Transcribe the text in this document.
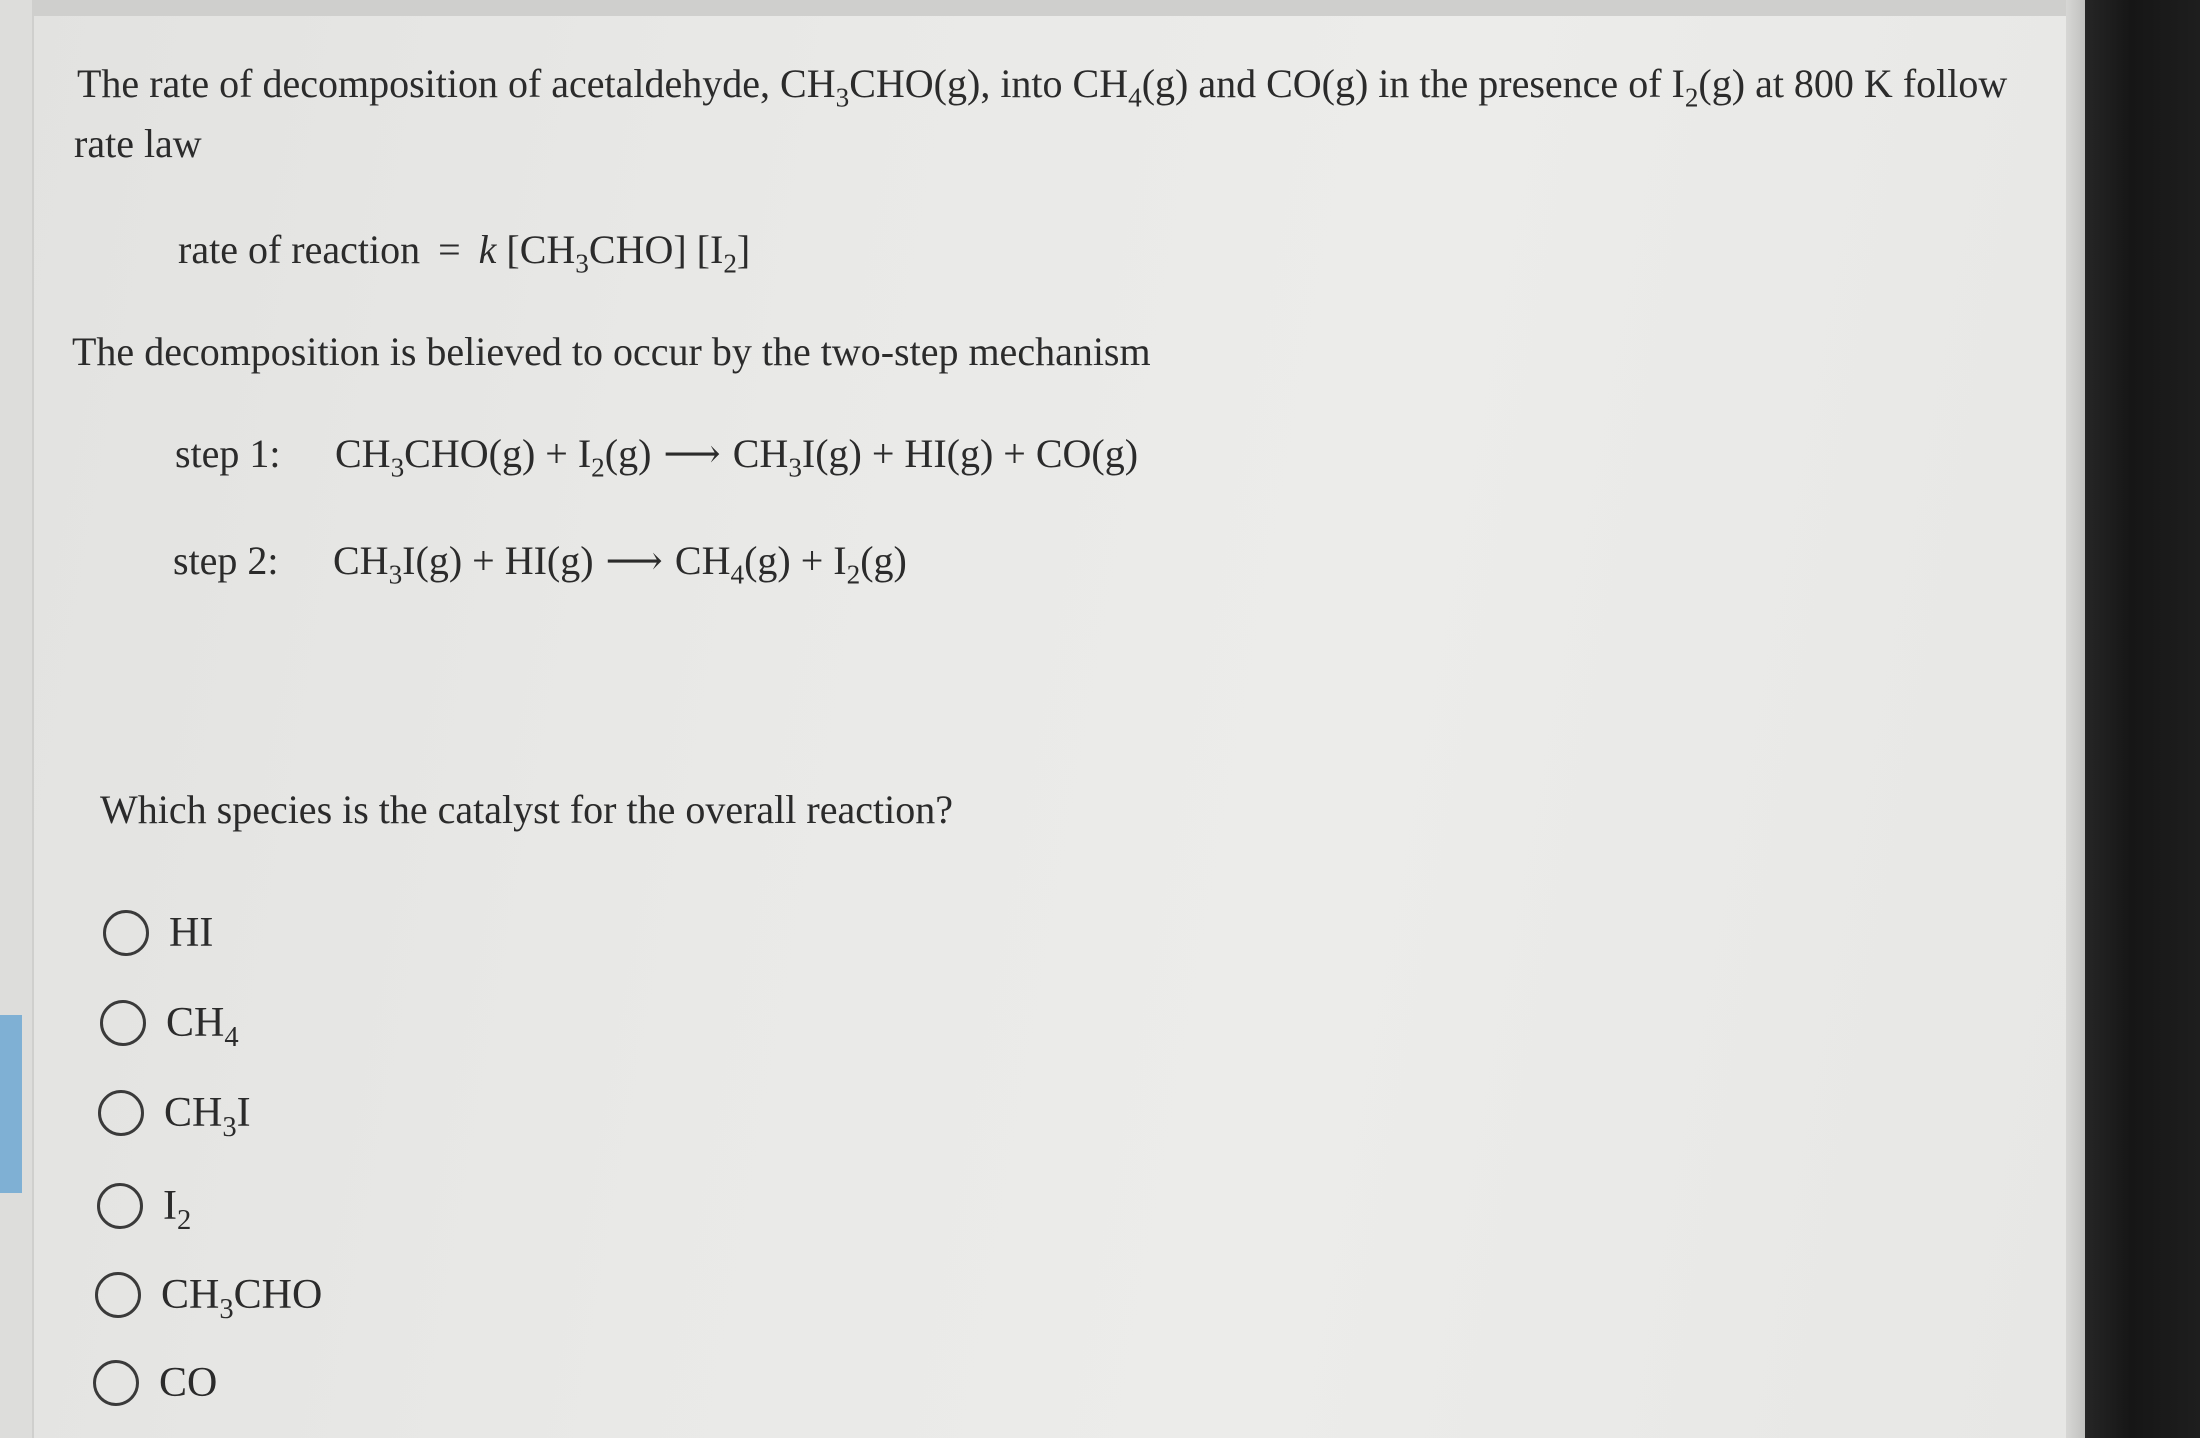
The rate of decomposition of acetaldehyde, $CH_3CHO(g)$, into $CH_4(g)$ and CO(g) in the presence of $I_2(g)$ at 800 K follow
rate law
rate of reaction = k $[CH_3CHO]$ $[I_2]$
The decomposition is believed to occur by the two-step mechanism
step 1: $CH_3CHO(g) + I_2(g)$ ⟶ $CH_3I(g) + HI(g) + CO(g)$
step 2: $CH_3I(g) + HI(g)$ ⟶ $CH_4(g) + I_2(g)$
Which species is the catalyst for the overall reaction?
HI
$CH_4$
$CH_3I$
$I_2$
$CH_3CHO$
CO
